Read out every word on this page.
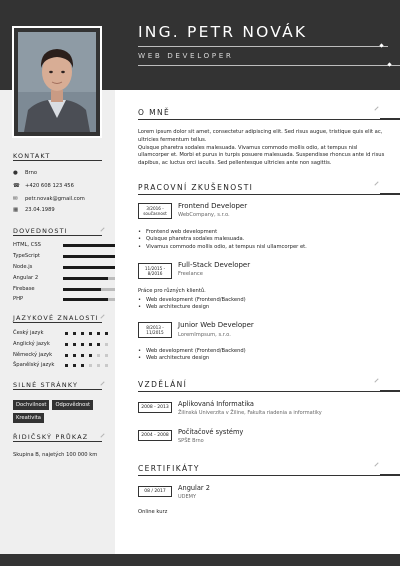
ING. PETR NOVÁK
WEB DEVELOPER
KONTAKT
●	Brno
☎ +420 608 123 456
✉	petr.novak@gmail.com
▦	23.04.1989
DOVEDNOSTI
HTML, CSS
TypeScript
Node.js
Angular 2
Firebase
PHP
JAZYKOVÉ ZNALOSTI
Český jazyk
Anglický jazyk
Německý jazyk
Španělský jazyk
SILNÉ STRÁNKY
Dochvilnost	Odpovědnost
Kreativita
ŘIDIČSKÝ PRŮKAZ
Skupina B, najetých 100 000 km
O MNĚ

Lorem ipsum dolor sit amet, consectetur adipiscing elit. Sed risus augue, tristique quis elit ac, ultricies fermentum tellus.

Quisque pharetra sodales malesuada. Vivamus commodo mollis odio, at tempus nisl ullamcorper et. Morbi et purus in turpis posuere malesuada. Suspendisse rhoncus ante id risus dapibus, ac luctus orci iaculis. Sed pellentesque ultricies ante non sagittis.

PRACOVNÍ ZKUŠENOSTI
3/2016 -
současnost
Frontend Developer
WebCompany, s.r.o.
• Frontend web development
• Quisque pharetra sodales malesuada.
• Vivamus commodo mollis odio, at tempus nisl ullamcorper et.
11/2015 -
8/2016
Full-Stack Developer
Freelance
Práce pro různých klientů.
• Web development (Frontend/Backend)
• Web architecture design
8/2013 -
11/2015
Junior Web Developer
LoremImpsum, s.r.o.
• Web development (Frontend/Backend)
• Web architecture design
VZDĚLÁNÍ
2008 - 2013	Aplikovaná Informatika
Žilinská Univerzita v Žiline, Fakulta riadenia a informatiky
2004 - 2008	Počítačové systémy
SPŠE Brno
CERTIFIKÁTY
08 / 2017	Angular 2
UDEMY
Online kurz
